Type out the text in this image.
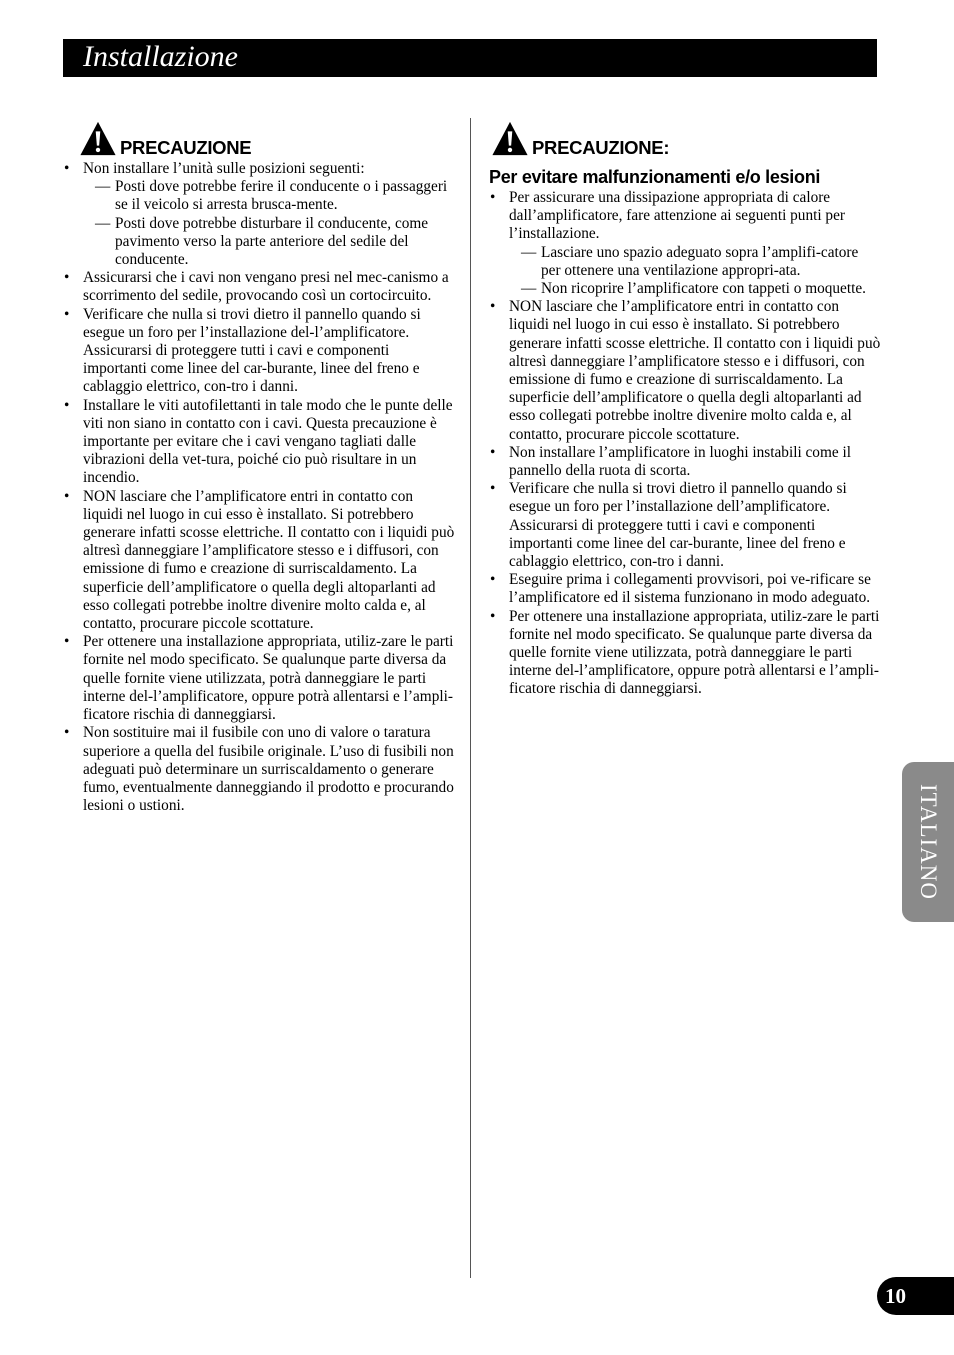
Installazione
PRECAUZIONE
• Non installare l’unità sulle posizioni seguenti:
— Posti dove potrebbe ferire il conducente o i passaggeri se il veicolo si arresta brusca-mente.
— Posti dove potrebbe disturbare il conducente, come pavimento verso la parte anteriore del sedile del conducente.
• Assicurarsi che i cavi non vengano presi nel mec-canismo a scorrimento del sedile, provocando così un cortocircuito.
• Verificare che nulla si trovi dietro il pannello quando si esegue un foro per l’installazione del-l’amplificatore. Assicurarsi di proteggere tutti i cavi e componenti importanti come linee del car-burante, linee del freno e cablaggio elettrico, con-tro i danni.
• Installare le viti autofilettanti in tale modo che le punte delle viti non siano in contatto con i cavi. Questa precauzione è importante per evitare che i cavi vengano tagliati dalle vibrazioni della vet-tura, poiché cio può risultare in un incendio.
• NON lasciare che l’amplificatore entri in contatto con liquidi nel luogo in cui esso è installato. Si potrebbero generare infatti scosse elettriche. Il contatto con i liquidi può altresì danneggiare l’amplificatore stesso e i diffusori, con emissione di fumo e creazione di surriscaldamento. La superficie dell’amplificatore o quella degli altoparlanti ad esso collegati potrebbe inoltre divenire molto calda e, al contatto, procurare piccole scottature.
• Per ottenere una installazione appropriata, utiliz-zare le parti fornite nel modo specificato. Se qualunque parte diversa da quelle fornite viene utilizzata, potrà danneggiare le parti interne del-l’amplificatore, oppure potrà allentarsi e l’ampli-ficatore rischia di danneggiarsi.
• Non sostituire mai il fusibile con uno di valore o taratura superiore a quella del fusibile originale. L’uso di fusibili non adeguati può determinare un surriscaldamento o generare fumo, eventualmente danneggiando il prodotto e procurando lesioni o ustioni.
PRECAUZIONE:
Per evitare malfunzionamenti e/o lesioni
• Per assicurare una dissipazione appropriata di calore dall’amplificatore, fare attenzione ai seguenti punti per l’installazione.
— Lasciare uno spazio adeguato sopra l’amplifi-catore per ottenere una ventilazione appropri-ata.
— Non ricoprire l’amplificatore con tappeti o moquette.
• NON lasciare che l’amplificatore entri in contatto con liquidi nel luogo in cui esso è installato. Si potrebbero generare infatti scosse elettriche. Il contatto con i liquidi può altresì danneggiare l’amplificatore stesso e i diffusori, con emissione di fumo e creazione di surriscaldamento. La superficie dell’amplificatore o quella degli altoparlanti ad esso collegati potrebbe inoltre divenire molto calda e, al contatto, procurare piccole scottature.
• Non installare l’amplificatore in luoghi instabili come il pannello della ruota di scorta.
• Verificare che nulla si trovi dietro il pannello quando si esegue un foro per l’installazione dell’amplificatore. Assicurarsi di proteggere tutti i cavi e componenti importanti come linee del car-burante, linee del freno e cablaggio elettrico, con-tro i danni.
• Eseguire prima i collegamenti provvisori, poi ve-rificare se l’amplificatore ed il sistema funzionano in modo adeguato.
• Per ottenere una installazione appropriata, utiliz-zare le parti fornite nel modo specificato. Se qualunque parte diversa da quelle fornite viene utilizzata, potrà danneggiare le parti interne del-l’amplificatore, oppure potrà allentarsi e l’ampli-ficatore rischia di danneggiarsi.
ITALIANO
10
